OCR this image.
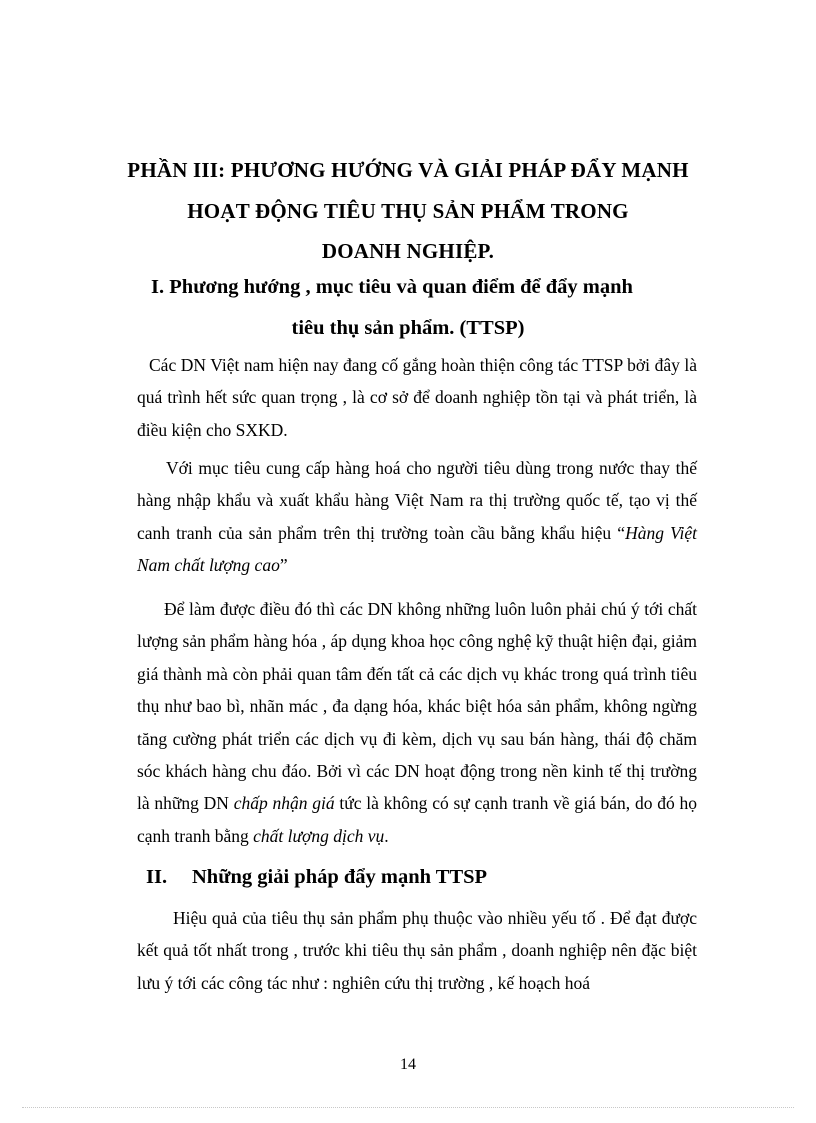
PHẦN III: PHƯƠNG HƯỚNG VÀ GIẢI PHÁP ĐẨY MẠNH
HOẠT ĐỘNG TIÊU THỤ SẢN PHẨM TRONG
DOANH NGHIỆP.
I. Phương hướng , mục tiêu và quan điểm để đẩy mạnh
tiêu thụ sản phẩm. (TTSP)
Các DN Việt nam hiện nay đang cố gắng hoàn thiện công tác TTSP bởi đây là quá trình hết sức quan trọng , là cơ sở để doanh nghiệp tồn tại và phát triển, là điều kiện cho SXKD.
Với mục tiêu cung cấp hàng hoá cho người tiêu dùng trong nước thay thế hàng nhập khẩu và xuất khẩu hàng Việt Nam ra thị trường quốc tế, tạo vị thế canh tranh của sản phẩm trên thị trường toàn cầu bằng khẩu hiệu “Hàng Việt Nam chất lượng cao”
Để làm được điều đó thì các DN không những luôn luôn phải chú ý tới chất lượng sản phẩm hàng hóa , áp dụng khoa học công nghệ kỹ thuật hiện đại, giảm giá thành mà còn phải quan tâm đến tất cả các dịch vụ khác trong quá trình tiêu thụ như bao bì, nhãn mác , đa dạng hóa, khác biệt hóa sản phẩm, không ngừng tăng cường phát triển các dịch vụ đi kèm, dịch vụ sau bán hàng, thái độ chăm sóc khách hàng chu đáo. Bởi vì các DN hoạt động trong nền kinh tế thị trường là những DN chấp nhận giá tức là không có sự cạnh tranh về giá bán, do đó họ cạnh tranh bằng chất lượng dịch vụ.
II. Những giải pháp đẩy mạnh TTSP
Hiệu quả của tiêu thụ sản phẩm phụ thuộc vào nhiều yếu tố . Để đạt được kết quả tốt nhất trong , trước khi tiêu thụ sản phẩm , doanh nghiệp nên đặc biệt lưu ý tới các công tác như : nghiên cứu thị trường , kế hoạch hoá
14
